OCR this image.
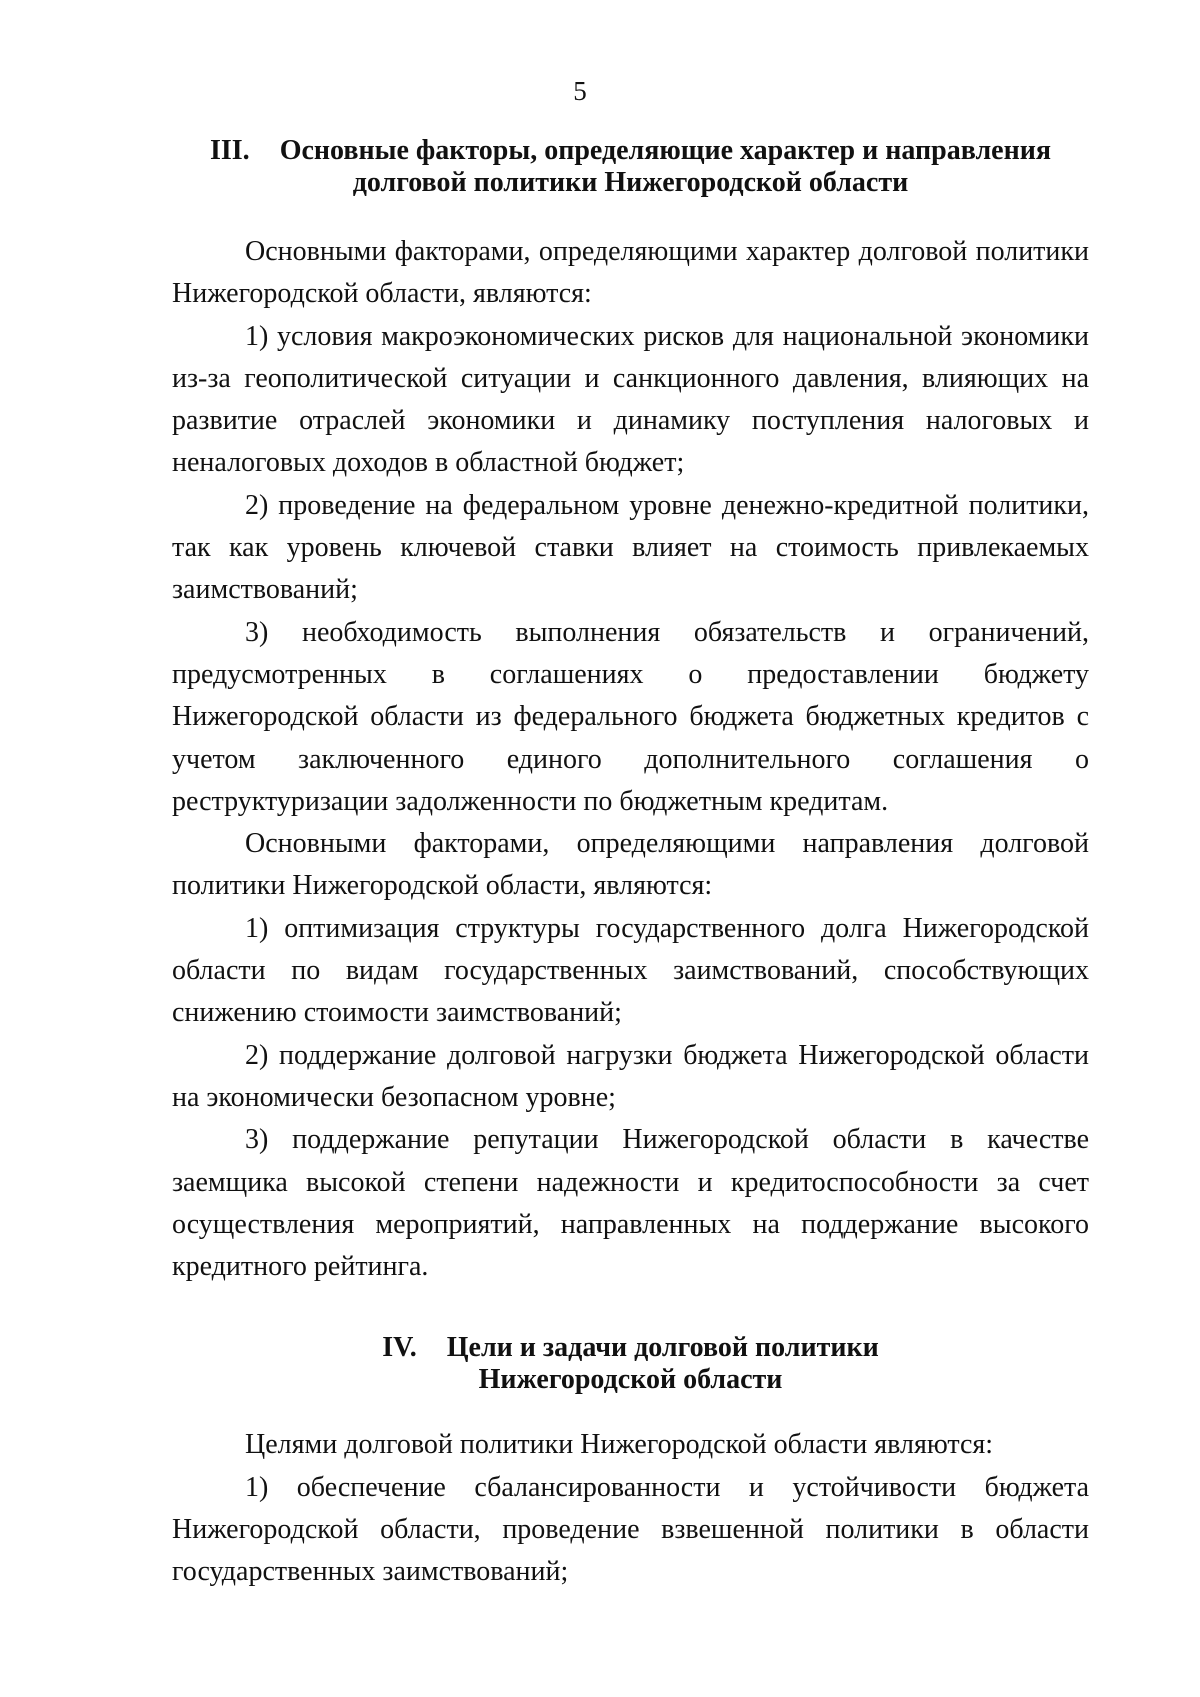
5
III. Основные факторы, определяющие характер и направления
долговой политики Нижегородской области

Основными факторами, определяющими характер долговой политики Нижегородской области, являются:

1) условия макроэкономических рисков для национальной экономики из-за геополитической ситуации и санкционного давления, влияющих на развитие отраслей экономики и динамику поступления налоговых и неналоговых доходов в областной бюджет;

2) проведение на федеральном уровне денежно-кредитной политики, так как уровень ключевой ставки влияет на стоимость привлекаемых заимствований;

3) необходимость выполнения обязательств и ограничений, предусмотренных в соглашениях о предоставлении бюджету Нижегородской области из федерального бюджета бюджетных кредитов с учетом заключенного единого дополнительного соглашения о реструктуризации задолженности по бюджетным кредитам.

Основными факторами, определяющими направления долговой политики Нижегородской области, являются:

1) оптимизация структуры государственного долга Нижегородской области по видам государственных заимствований, способствующих снижению стоимости заимствований;

2) поддержание долговой нагрузки бюджета Нижегородской области на экономически безопасном уровне;

3) поддержание репутации Нижегородской области в качестве заемщика высокой степени надежности и кредитоспособности за счет осуществления мероприятий, направленных на поддержание высокого кредитного рейтинга.

IV. Цели и задачи долговой политики
Нижегородской области

Целями долговой политики Нижегородской области являются:

1) обеспечение сбалансированности и устойчивости бюджета Нижегородской области, проведение взвешенной политики в области государственных заимствований;
